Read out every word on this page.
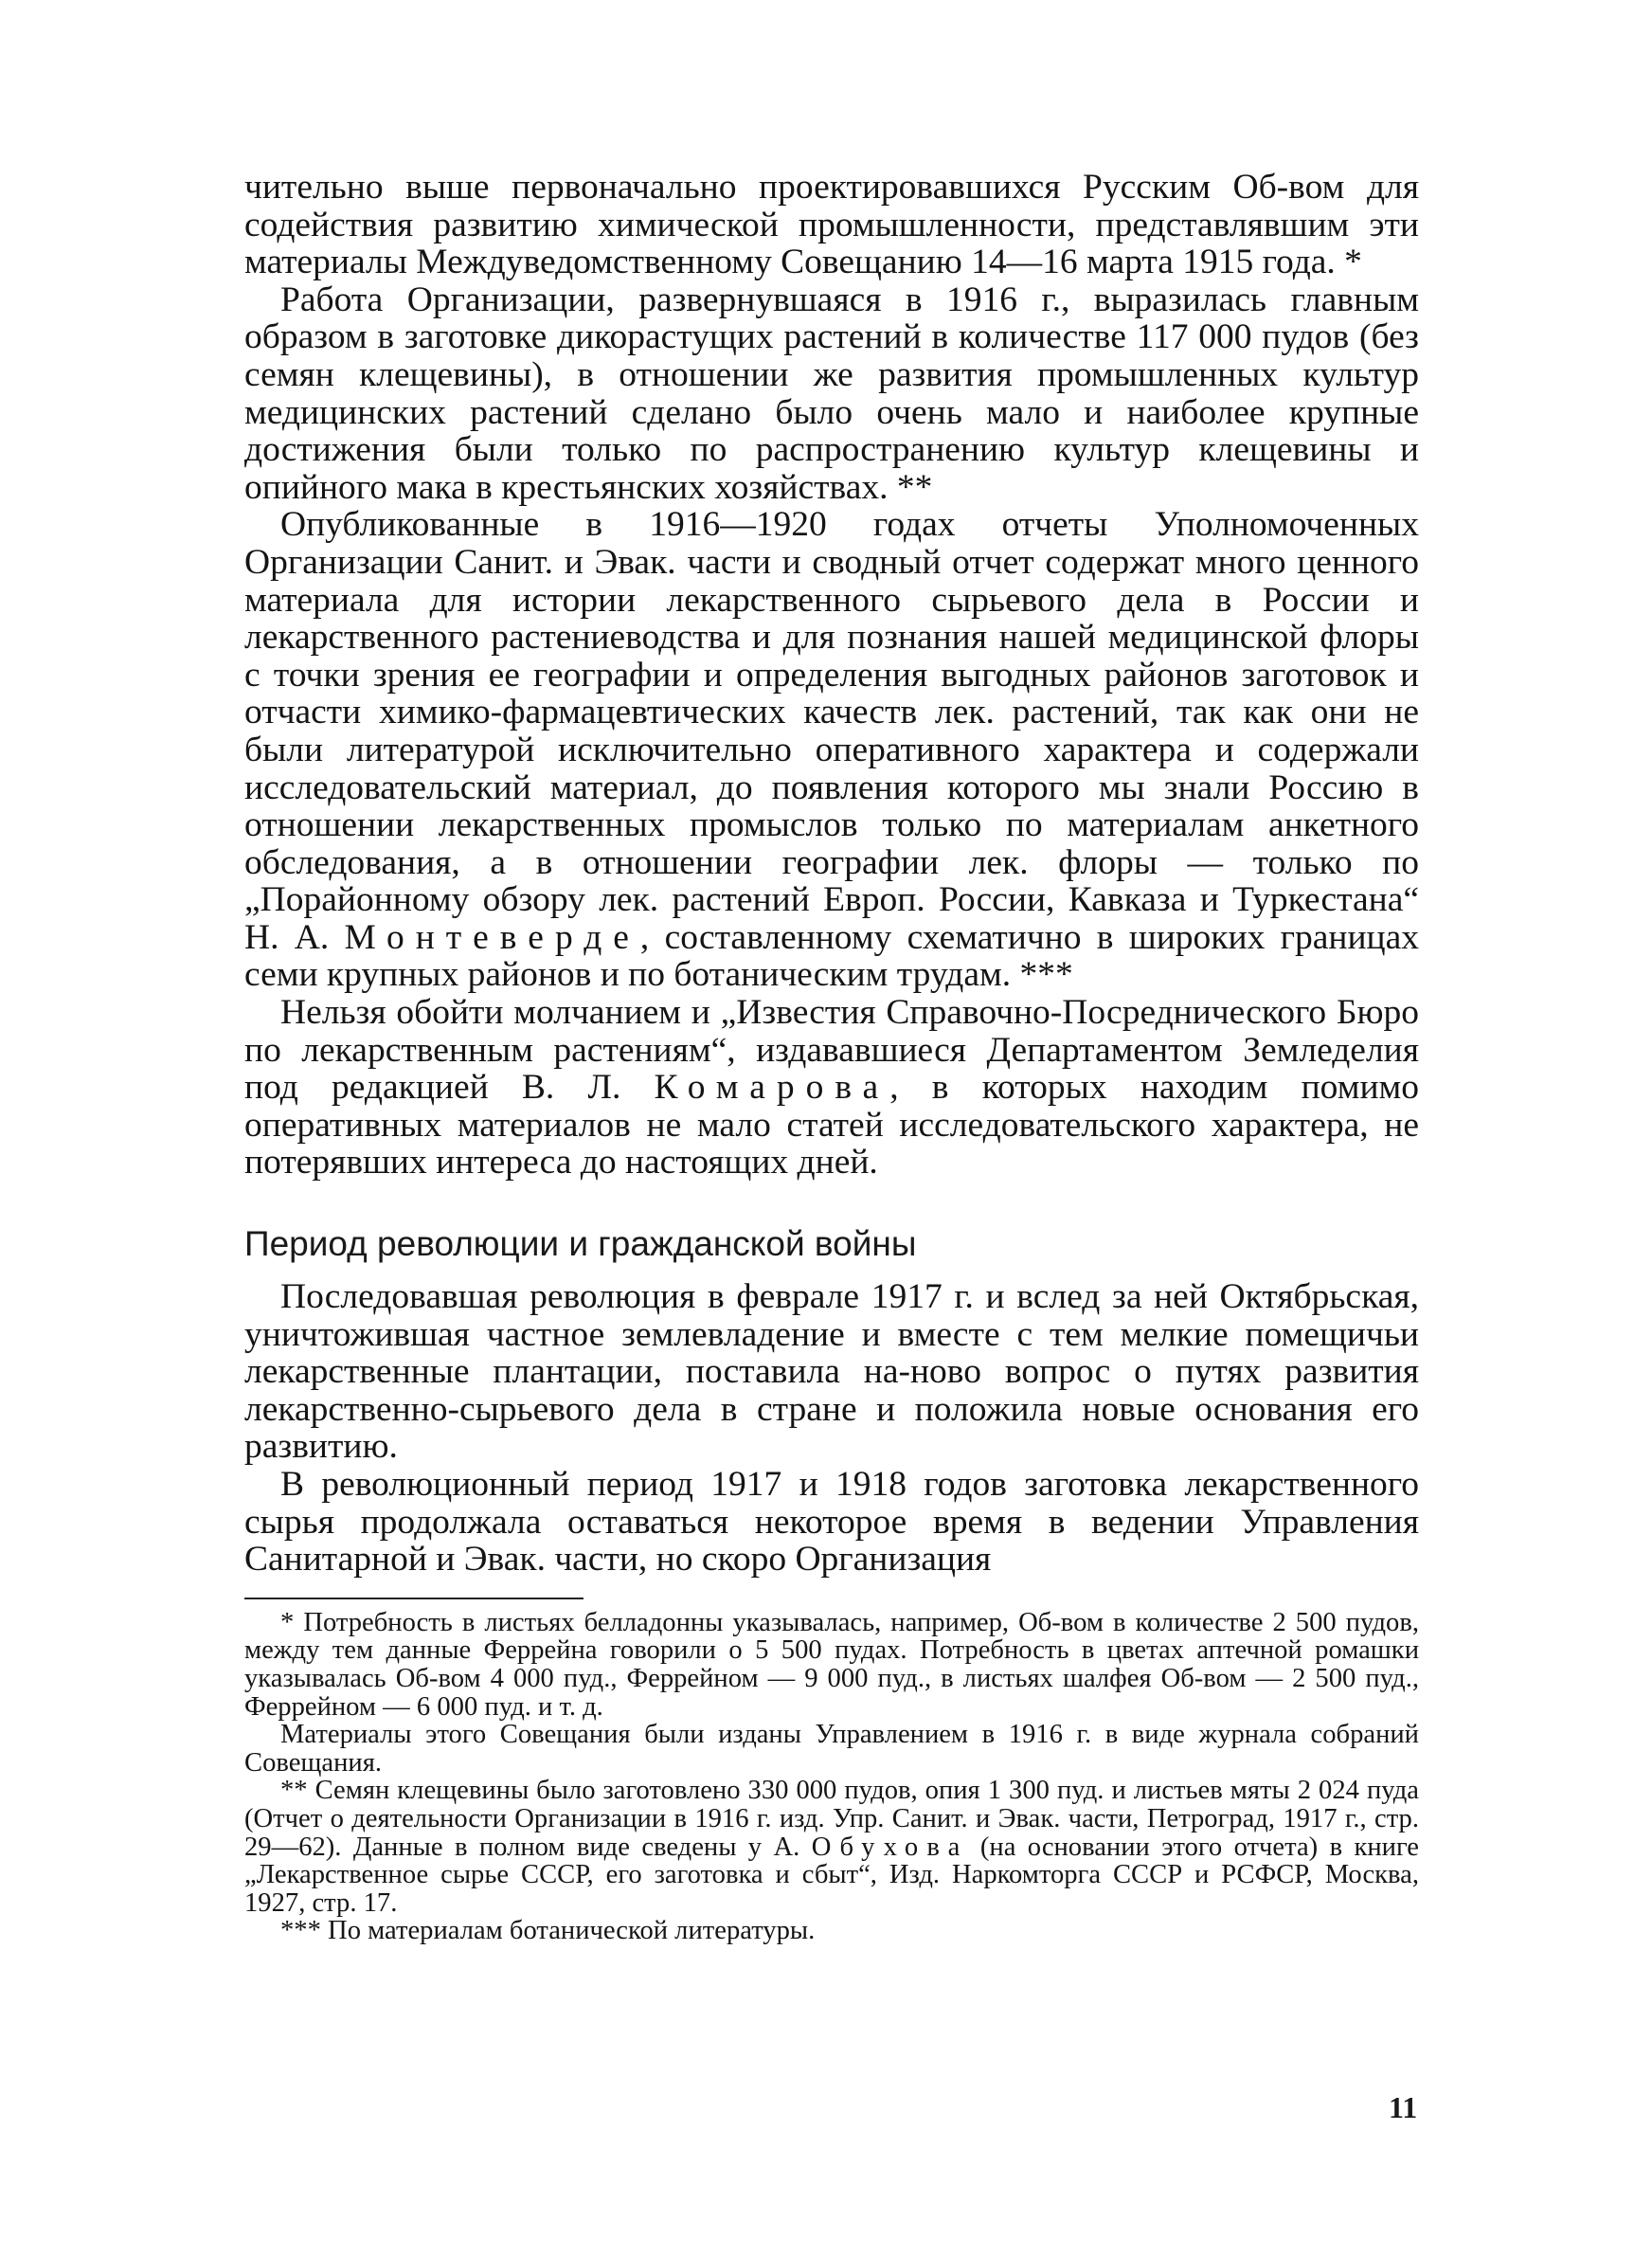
чительно выше первоначально проектировавшихся Русским Об-вом для содействия развитию химической промышленности, представлявшим эти материалы Междуведомственному Совещанию 14—16 марта 1915 года. *

Работа Организации, развернувшаяся в 1916 г., выразилась главным образом в заготовке дикорастущих растений в количестве 117 000 пудов (без семян клещевины), в отношении же развития промышленных культур медицинских растений сделано было очень мало и наиболее крупные достижения были только по распространению культур клещевины и опийного мака в крестьянских хозяйствах. **

Опубликованные в 1916—1920 годах отчеты Уполномоченных Организации Санит. и Эвак. части и сводный отчет содержат много ценного материала для истории лекарственного сырьевого дела в России и лекарственного растениеводства и для познания нашей медицинской флоры с точки зрения ее географии и определения выгодных районов заготовок и отчасти химико-фармацевтических качеств лек. растений, так как они не были литературой исключительно оперативного характера и содержали исследовательский материал, до появления которого мы знали Россию в отношении лекарственных промыслов только по материалам анкетного обследования, а в отношении географии лек. флоры — только по „Порайонному обзору лек. растений Европ. России, Кавказа и Туркестана“ Н. А. Монтеверде, составленному схематично в широких границах семи крупных районов и по ботаническим трудам. ***

Нельзя обойти молчанием и „Известия Справочно-Посреднического Бюро по лекарственным растениям“, издававшиеся Департаментом Земледелия под редакцией В. Л. Комарова, в которых находим помимо оперативных материалов не мало статей исследовательского характера, не потерявших интереса до настоящих дней.

Период революции и гражданской войны

Последовавшая революция в феврале 1917 г. и вслед за ней Октябрьская, уничтожившая частное землевладение и вместе с тем мелкие помещичьи лекарственные плантации, поставила на-ново вопрос о путях развития лекарственно-сырьевого дела в стране и положила новые основания его развитию.

В революционный период 1917 и 1918 годов заготовка лекарственного сырья продолжала оставаться некоторое время в ведении Управления Санитарной и Эвак. части, но скоро Организация

* Потребность в листьях белладонны указывалась, например, Об-вом в количестве 2 500 пудов, между тем данные Феррейна говорили о 5 500 пудах. Потребность в цветах аптечной ромашки указывалась Об-вом 4 000 пуд., Феррейном — 9 000 пуд., в листьях шалфея Об-вом — 2 500 пуд., Феррейном — 6 000 пуд. и т. д.

Материалы этого Совещания были изданы Управлением в 1916 г. в виде журнала собраний Совещания.

** Семян клещевины было заготовлено 330 000 пудов, опия 1 300 пуд. и листьев мяты 2 024 пуда (Отчет о деятельности Организации в 1916 г. изд. Упр. Санит. и Эвак. части, Петроград, 1917 г., стр. 29—62). Данные в полном виде сведены у А. Обухова (на основании этого отчета) в книге „Лекарственное сырье СССР, его заготовка и сбыт“, Изд. Наркомторга СССР и РСФСР, Москва, 1927, стр. 17.

*** По материалам ботанической литературы.

11
